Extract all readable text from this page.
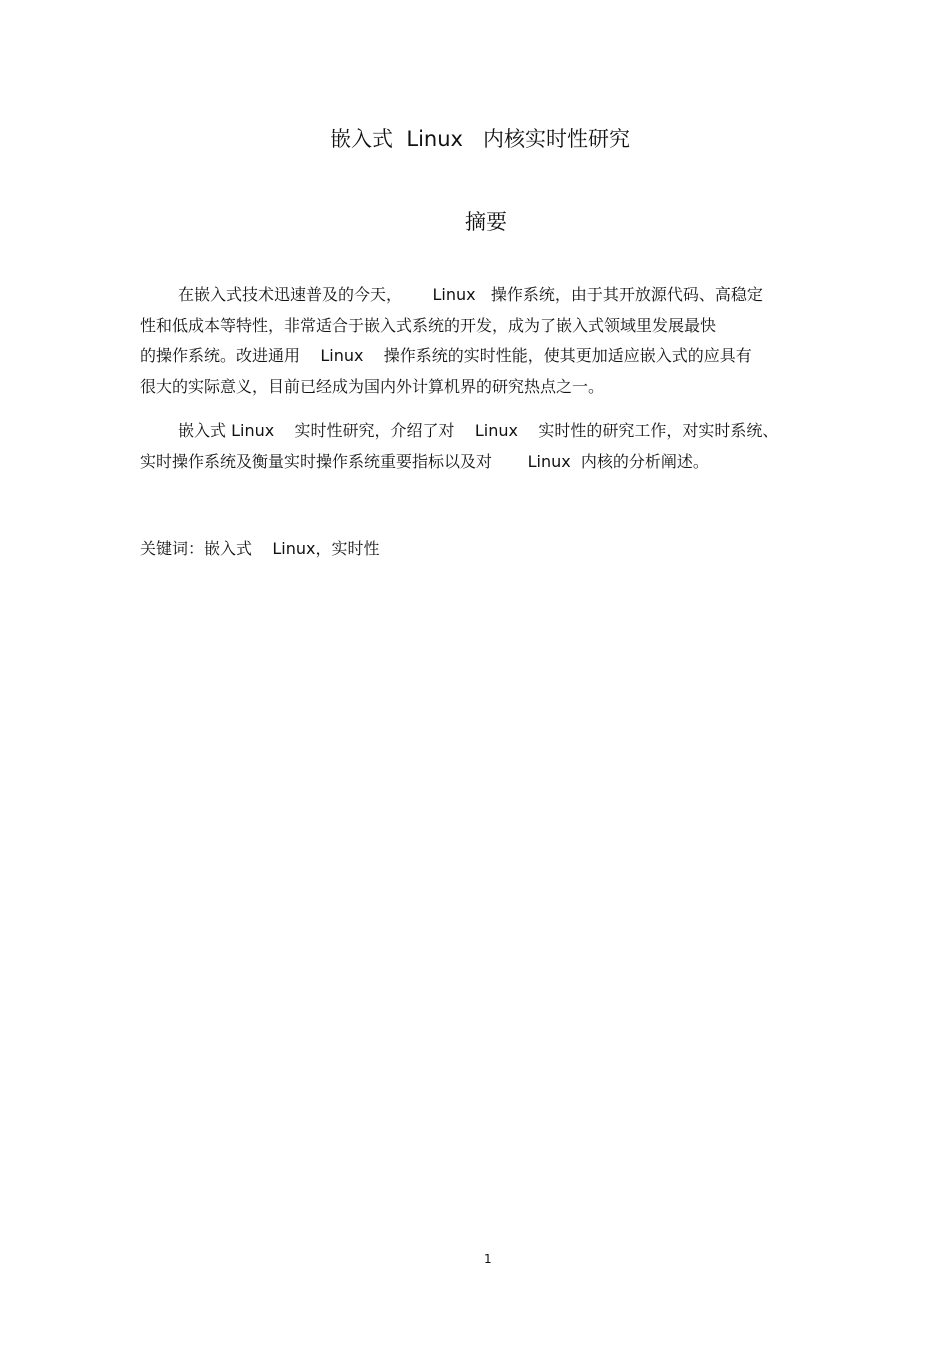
嵌入式  Linux   内核实时性研究
摘要
在嵌入式技术迅速普及的今天，      Linux   操作系统，由于其开放源代码、高稳定
性和低成本等特性，非常适合于嵌入式系统的开发，成为了嵌入式领域里发展最快
的操作系统。改进通用    Linux    操作系统的实时性能，使其更加适应嵌入式的应具有
很大的实际意义，目前已经成为国内外计算机界的研究热点之一。
嵌入式 Linux    实时性研究，介绍了对    Linux    实时性的研究工作，对实时系统、
实时操作系统及衡量实时操作系统重要指标以及对       Linux  内核的分析阐述。
关键词：嵌入式    Linux，实时性
1
